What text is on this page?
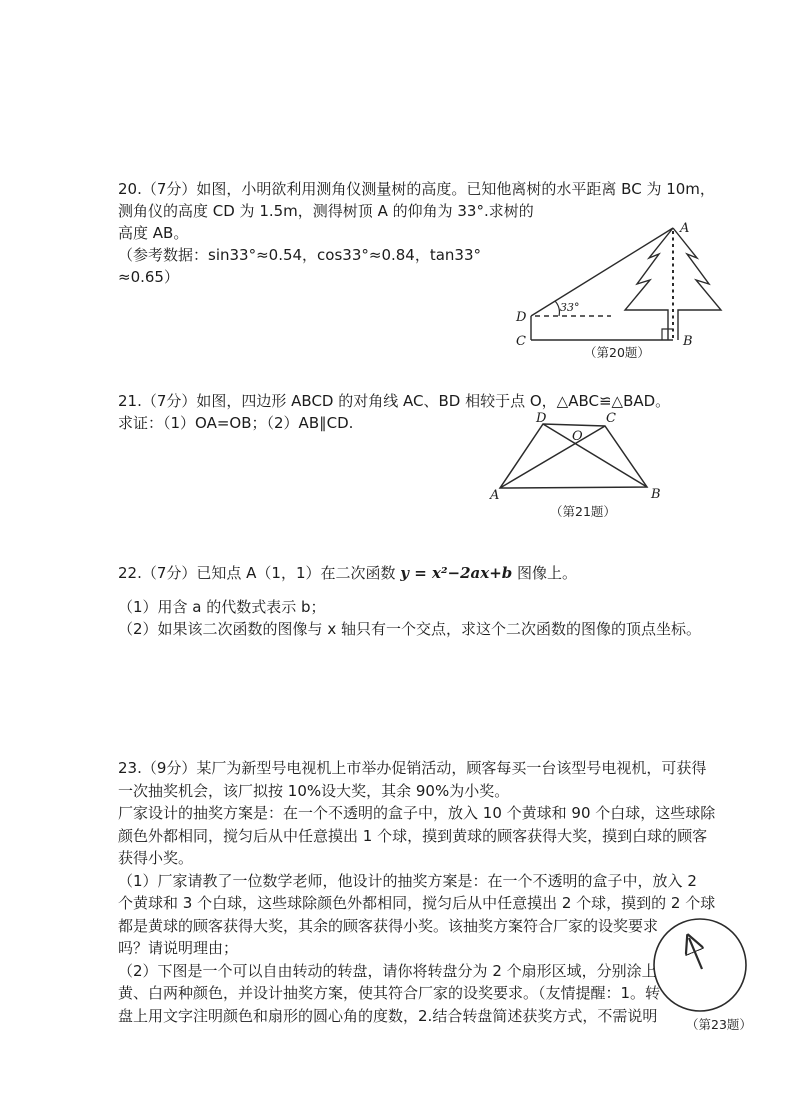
20.（7分）如图，小明欲利用测角仪测量树的高度。已知他离树的水平距离 BC 为 10m，
测角仪的高度 CD 为 1.5m，测得树顶 A 的仰角为 33°.求树的
高度 AB。
（参考数据：sin33°≈0.54，cos33°≈0.84，tan33°
≈0.65）
33°
A
B
C
D
（第20题）
21.（7分）如图，四边形 ABCD 的对角线 AC、BD 相较于点 O，△ABC≌△BAD。
求证：（1）OA=OB；（2）AB∥CD.	D	C
O
A	B
（第21题）
22.（7分）已知点 A（1，1）在二次函数 y = x²−2ax+b 图像上。
（1）用含 a 的代数式表示 b；
（2）如果该二次函数的图像与 x 轴只有一个交点，求这个二次函数的图像的顶点坐标。
23.（9分）某厂为新型号电视机上市举办促销活动，顾客每买一台该型号电视机，可获得
一次抽奖机会，该厂拟按 10%设大奖，其余 90%为小奖。
厂家设计的抽奖方案是：在一个不透明的盒子中，放入 10 个黄球和 90 个白球，这些球除
颜色外都相同，搅匀后从中任意摸出 1 个球，摸到黄球的顾客获得大奖，摸到白球的顾客
获得小奖。
（1）厂家请教了一位数学老师，他设计的抽奖方案是：在一个不透明的盒子中，放入 2
个黄球和 3 个白球，这些球除颜色外都相同，搅匀后从中任意摸出 2 个球，摸到的 2 个球
都是黄球的顾客获得大奖，其余的顾客获得小奖。该抽奖方案符合厂家的设奖要求
吗？请说明理由；
（2）下图是一个可以自由转动的转盘，请你将转盘分为 2 个扇形区域，分别涂上
黄、白两种颜色，并设计抽奖方案，使其符合厂家的设奖要求。（友情提醒：1。转
盘上用文字注明颜色和扇形的圆心角的度数，2.结合转盘简述获奖方式，不需说明	（第23题）
